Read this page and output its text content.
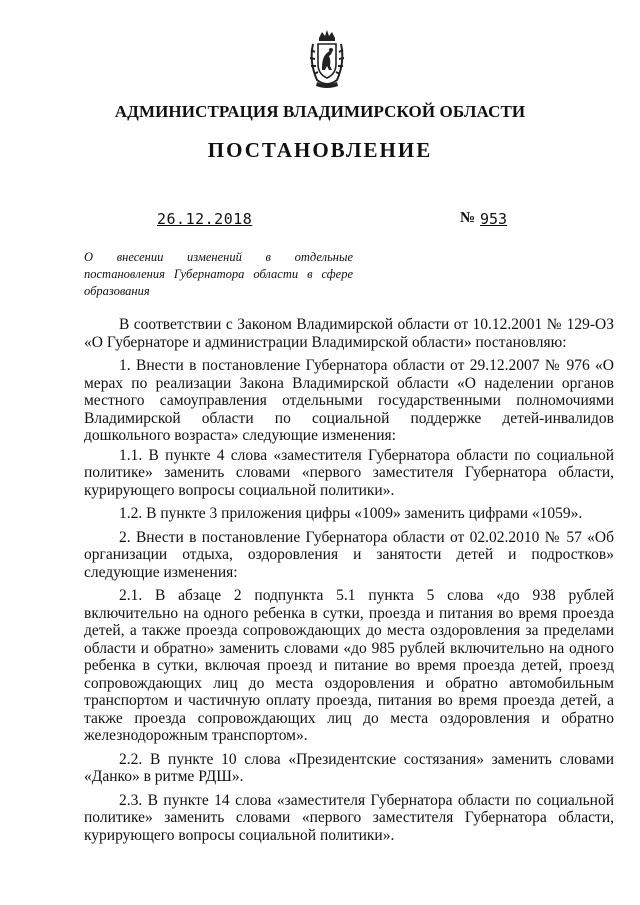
АДМИНИСТРАЦИЯ ВЛАДИМИРСКОЙ ОБЛАСТИ
ПОСТАНОВЛЕНИЕ
26.12.2018	№ 953
О внесении изменений в отдельные постановления Губернатора области в сфере образования

В соответствии с Законом Владимирской области от 10.12.2001 № 129-ОЗ «О Губернаторе и администрации Владимирской области» постановляю:

1. Внести в постановление Губернатора области от 29.12.2007 № 976 «О мерах по реализации Закона Владимирской области «О наделении органов местного самоуправления отдельными государственными полномочиями Владимирской области по социальной поддержке детей-инвалидов дошкольного возраста» следующие изменения:

1.1. В пункте 4 слова «заместителя Губернатора области по социальной политике» заменить словами «первого заместителя Губернатора области, курирующего вопросы социальной политики».

1.2. В пункте 3 приложения цифры «1009» заменить цифрами «1059».

2. Внести в постановление Губернатора области от 02.02.2010 № 57 «Об организации отдыха, оздоровления и занятости детей и подростков» следующие изменения:

2.1. В абзаце 2 подпункта 5.1 пункта 5 слова «до 938 рублей включительно на одного ребенка в сутки, проезда и питания во время проезда детей, а также проезда сопровождающих до места оздоровления за пределами области и обратно» заменить словами «до 985 рублей включительно на одного ребенка в сутки, включая проезд и питание во время проезда детей, проезд сопровождающих лиц до места оздоровления и обратно автомобильным транспортом и частичную оплату проезда, питания во время проезда детей, а также проезда сопровождающих лиц до места оздоровления и обратно железнодорожным транспортом».

2.2. В пункте 10 слова «Президентские состязания» заменить словами «Данко» в ритме РДШ».

2.3. В пункте 14 слова «заместителя Губернатора области по социальной политике» заменить словами «первого заместителя Губернатора области, курирующего вопросы социальной политики».
